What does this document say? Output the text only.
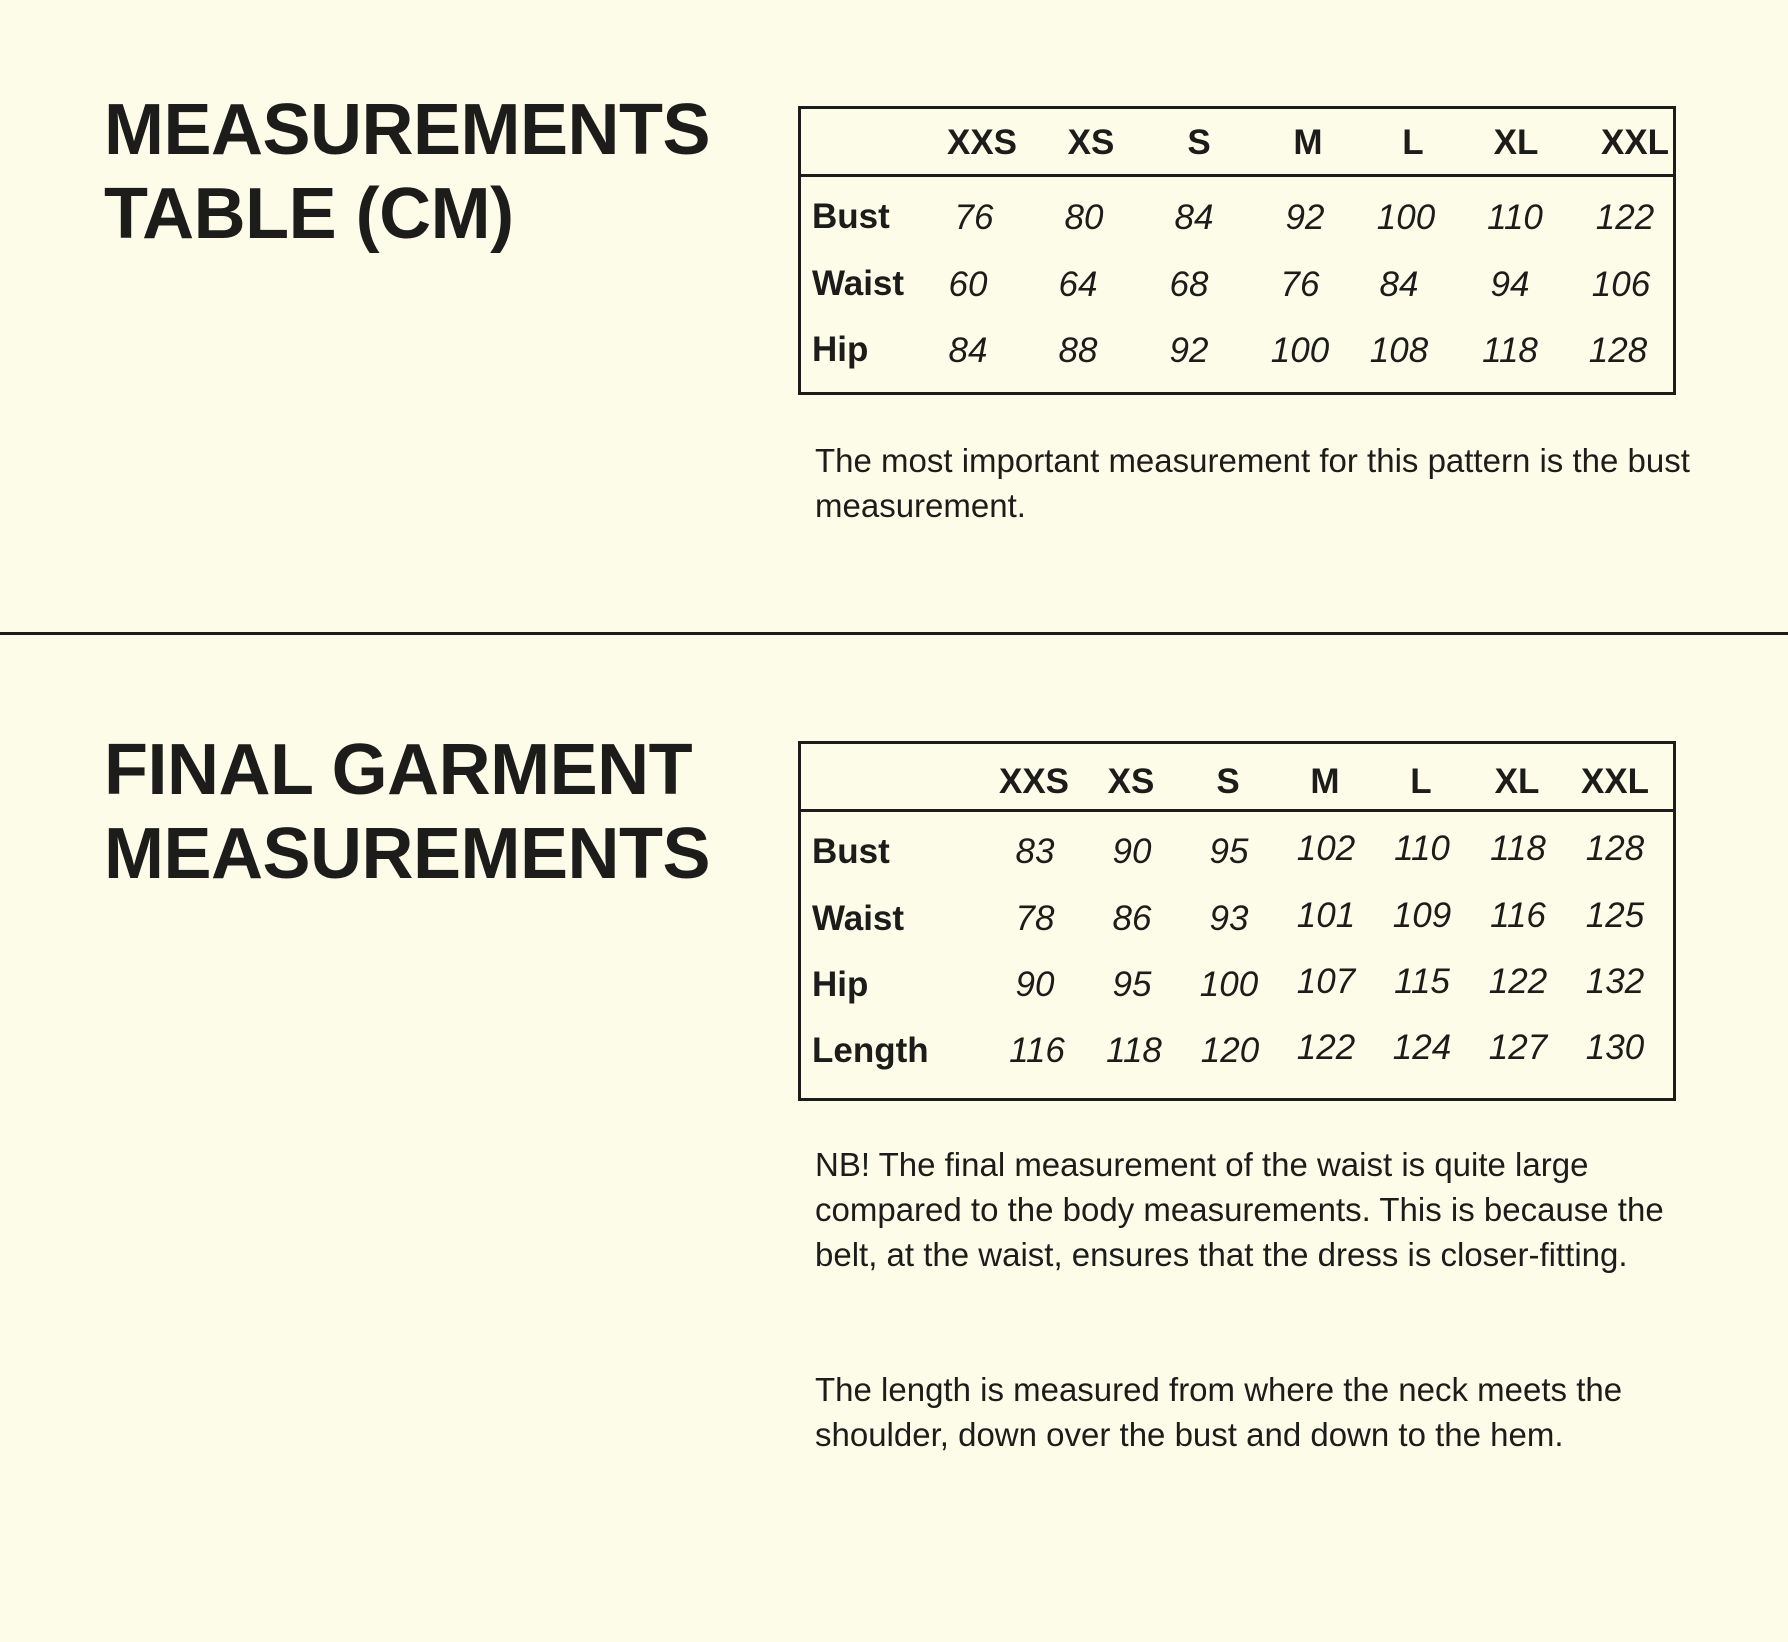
MEASUREMENTS
TABLE (CM)
XXS XS S M L XL XXL
Bust 76 80 84 92 100 110 122
Waist 60 64 68 76 84 94 106
Hip 84 88 92 100 108 118 128

The most important measurement for this pattern is the bust measurement.

FINAL GARMENT
MEASUREMENTS
XXS XS S M L XL XXL
Bust	83 90 95 102 110 118 128
Waist	78 86 93 101 109 116 125
Hip	90 95 100 107 115 122 132
Length 116 118 120 122 124 127 130

NB! The final measurement of the waist is quite large compared to the body measurements. This is because the belt, at the waist, ensures that the dress is closer-fitting.

The length is measured from where the neck meets the shoulder, down over the bust and down to the hem.
